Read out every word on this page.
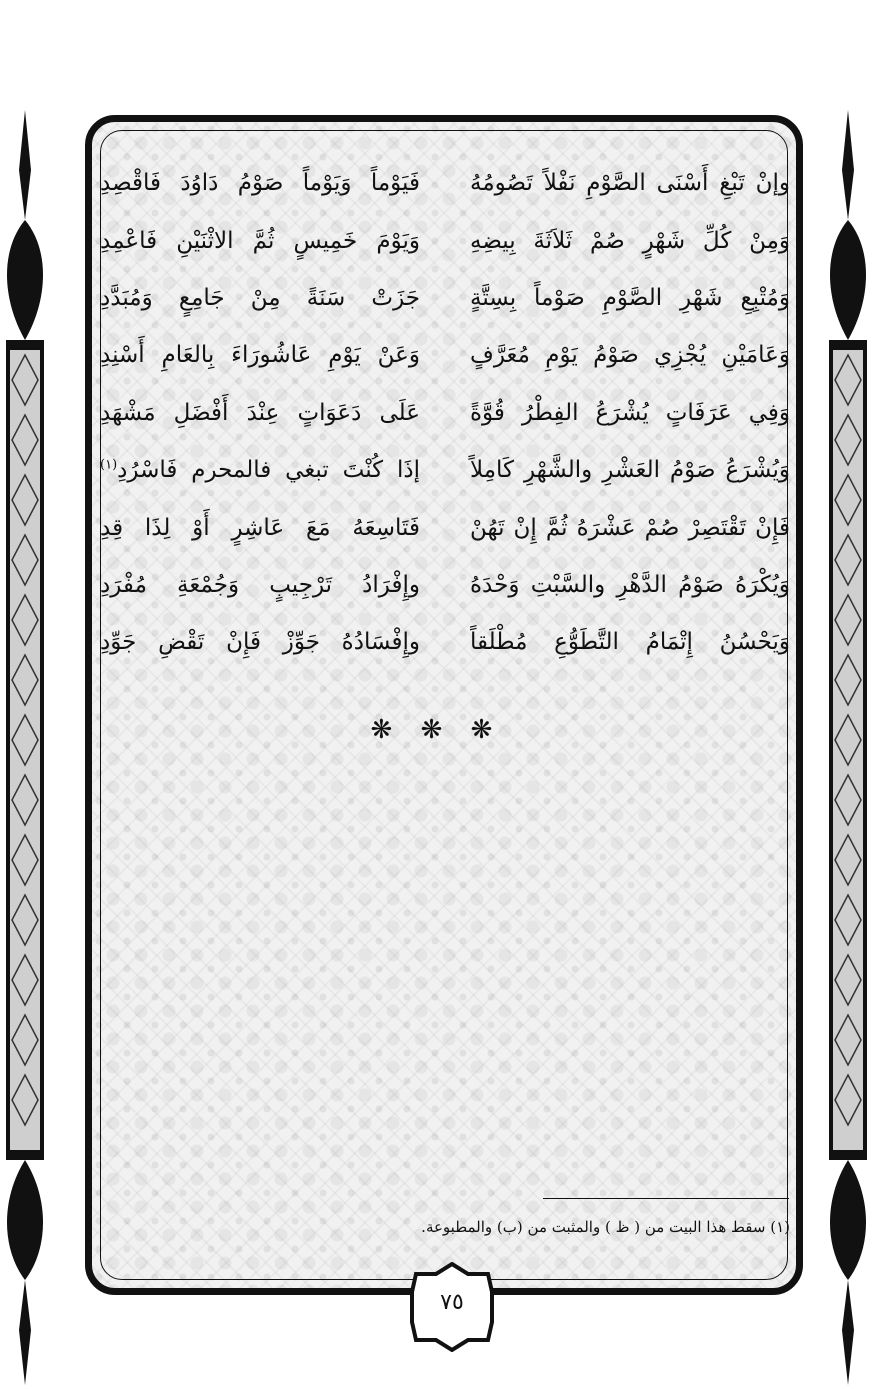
وإنْ تَبْغِ أَسْنَى الصَّوْمِ نَفْلاً تَصُومُهُ
فَيَوْماً وَيَوْماً صَوْمُ دَاوُدَ فَاقْصِدِ
وَمِنْ كُلِّ شَهْرٍ صُمْ ثَلاَثَةَ بِيضِهِ
وَيَوْمَ خَمِيسٍ ثُمَّ الاثْنَيْنِ فَاعْمِدِ
وَمُتْبِعِ شَهْرِ الصَّوْمِ صَوْماً بِسِتَّةٍ
جَزَتْ سَنَةً مِنْ جَامِعٍ وَمُبَدَّدِ
وَعَامَيْنِ يُجْزِي صَوْمُ يَوْمِ مُعَرَّفٍ
وَعَنْ يَوْمِ عَاشُورَاءَ بِالعَامِ أَسْنِدِ
وَفِي عَرَفَاتٍ يُشْرَعُ الفِطْرُ قُوَّةً
عَلَى دَعَوَاتٍ عِنْدَ أَفْضَلِ مَشْهَدِ
وَيُشْرَعُ صَوْمُ العَشْرِ والشَّهْرِ كَامِلاً
إذَا كُنْتَ تبغي فالمحرم فَاسْرُدِ$^{(١)}$
فَإِنْ تَقْتَصِرْ صُمْ عَشْرَهُ ثُمَّ إِنْ تَهُنْ
فَتَاسِعَهُ مَعَ عَاشِرٍ أَوْ لِذَا قِدِ
وَيُكْرَهُ صَوْمُ الدَّهْرِ والسَّبْتِ وَحْدَهُ
وإِفْرَادُ تَرْجِيبٍ وَجُمْعَةِ مُفْرَدِ
وَيَحْسُنُ إِتْمَامُ التَّطَوُّعِ مُطْلَقاً
وإِفْسَادُهُ جَوِّزْ فَإِنْ تَقْضِ جَوِّدِ
❋ ❋ ❋
(١) سقط هذا البيت من ( ظ ) والمثبت من (ب) والمطبوعة.
٧٥
